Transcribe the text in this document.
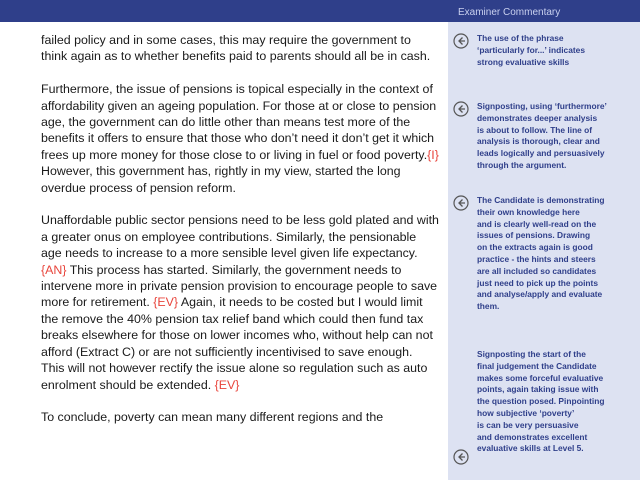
Examiner Commentary

failed policy and in some cases, this may require the government to think again as to whether benefits paid to parents should all be in cash.

Furthermore, the issue of pensions is topical especially in the context of affordability given an ageing population. For those at or close to pension age, the government can do little other than means test more of the benefits it offers to ensure that those who don’t need it don’t get it which frees up more money for those close to or living in fuel or food poverty.{I} However, this government has, rightly in my view, started the long overdue process of pension reform.

Unaffordable public sector pensions need to be less gold plated and with a greater onus on employee contributions. Similarly, the pensionable age needs to increase to a more sensible level given life expectancy. {AN} This process has started. Similarly, the government needs to intervene more in private pension provision to encourage people to save more for retirement. {EV} Again, it needs to be costed but I would limit the remove the 40% pension tax relief band which could then fund tax breaks elsewhere for those on lower incomes who, without help can not afford (Extract C) or are not sufficiently incentivised to save enough. This will not however rectify the issue alone so regulation such as auto enrolment should be extended. {EV}

To conclude, poverty can mean many different regions and the

The use of the phrase
‘particularly for...’ indicates
strong evaluative skills
Signposting, using ‘furthermore’
demonstrates deeper analysis
is about to follow. The line of
analysis is thorough, clear and
leads logically and persuasively
through the argument.
The Candidate is demonstrating
their own knowledge here
and is clearly well-read on the
issues of pensions. Drawing
on the extracts again is good
practice - the hints and steers
are all included so candidates
just need to pick up the points
and analyse/apply and evaluate
them.
Signposting the start of the
final judgement the Candidate
makes some forceful evaluative
points, again taking issue with
the question posed. Pinpointing
how subjective ‘poverty’
is can be very persuasive
and demonstrates excellent
evaluative skills at Level 5.
